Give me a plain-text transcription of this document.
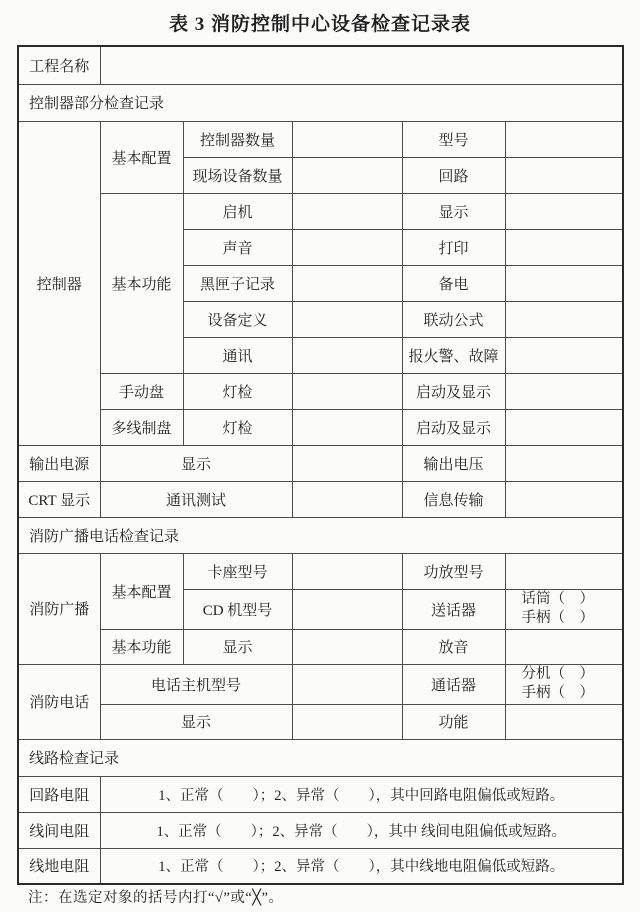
表 3 消防控制中心设备检查记录表
工程名称					
控制器部分检查记录					
控制器	基本配置	控制器数量		型号	
		现场设备数量		回路	
	基本功能	启机		显示	
		声音		打印	
		黑匣子记录		备电	
		设备定义		联动公式	
		通讯		报火警、故障	
	手动盘	灯检		启动及显示	
	多线制盘	灯检		启动及显示	
输出电源	显示			输出电压	
CRT 显示	通讯测试			信息传输	
消防广播电话检查记录					
消防广播	基本配置	卡座型号		功放型号	
		CD 机型号		送话器	话筒（　）
手柄（　）

	基本功能	显示		放音	
消防电话	电话主机型号			通话器	分机（　）
手柄（　）

	显示			功能	
线路检查记录					
回路电阻	1、正常（　　）；2、异常（　　），其中回路电阻偏低或短路。				
线间电阻	1、正常（　　）；2、异常（　　），其中 线间电阻偏低或短路。				
线地电阻	1、正常（　　）；2、异常（　　），其中线地电阻偏低或短路。				
注：在选定对象的括号内打“√”或“╳”。
